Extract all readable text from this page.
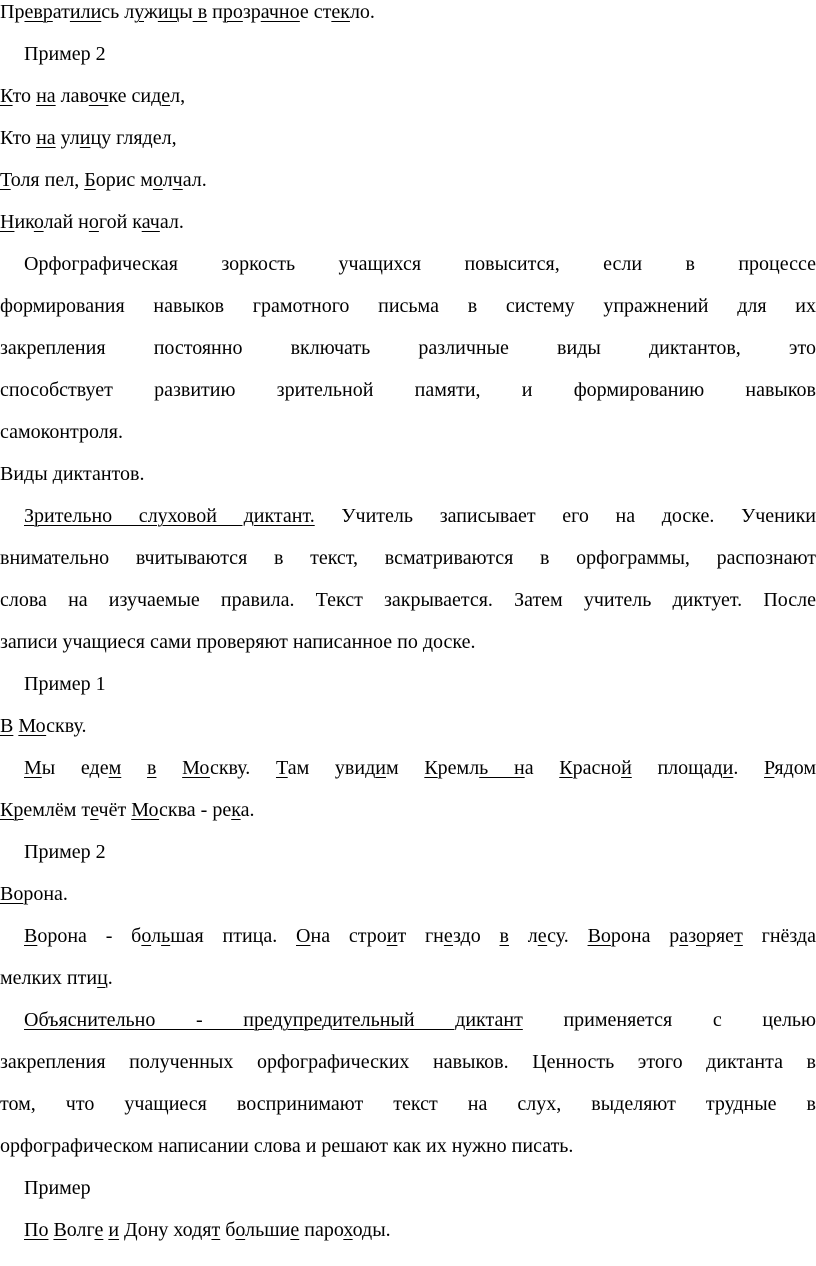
Превратились лужицы в прозрачное стекло.
Пример 2
Кто на лавочке сидел,
Кто на улицу глядел,
Толя пел, Борис молчал.
Николай ногой качал.
Орфографическая зоркость учащихся повысится, если в процессе
формирования навыков грамотного письма в систему упражнений для их
закрепления постоянно включать различные виды диктантов, это
способствует развитию зрительной памяти, и формированию навыков
самоконтроля.
Виды диктантов.
Зрительно слуховой диктант. Учитель записывает его на доске. Ученики
внимательно вчитываются в текст, всматриваются в орфограммы, распознают
слова на изучаемые правила. Текст закрывается. Затем учитель диктует. После
записи учащиеся сами проверяют написанное по доске.
Пример 1
В Москву.
Мы едем в Москву. Там увидим Кремль на Красной площади. Рядом
Кремлём течёт Москва - река.
Пример 2
Ворона.
Ворона - большая птица. Она строит гнездо в лесу. Ворона разоряет гнёзда
мелких птиц.
Объяснительно - предупредительный диктант применяется с целью
закрепления полученных орфографических навыков. Ценность этого диктанта в
том, что учащиеся воспринимают текст на слух, выделяют трудные в
орфографическом написании слова и решают как их нужно писать.
Пример
По Волге и Дону ходят большие пароходы.
